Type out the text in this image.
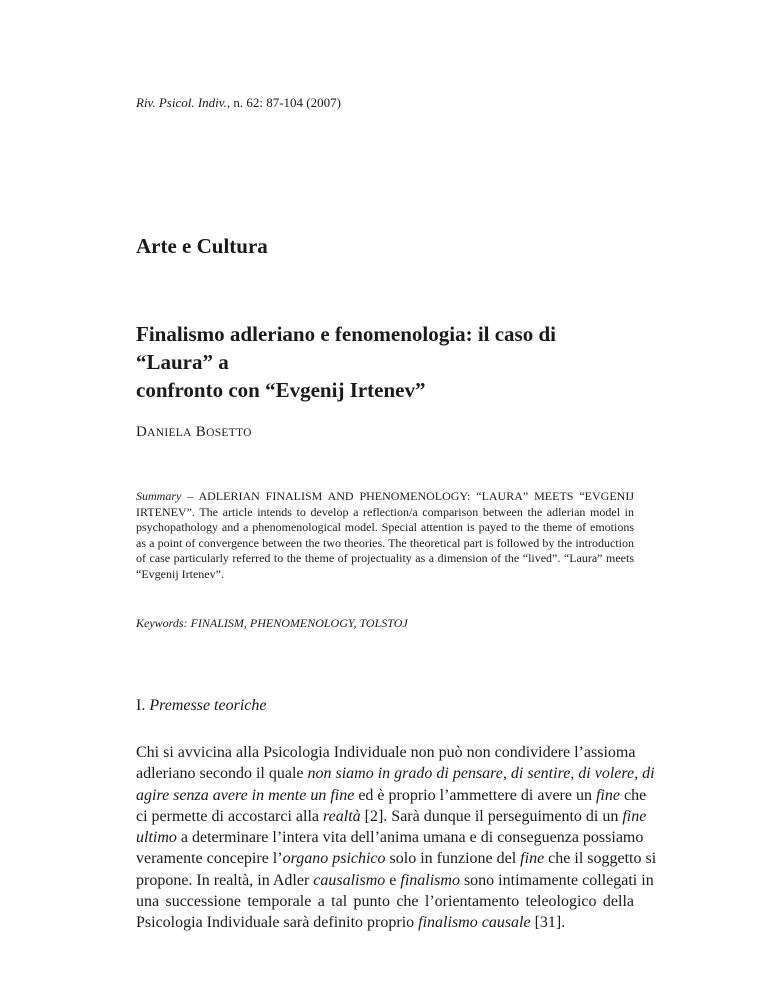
Riv. Psicol. Indiv., n. 62: 87-104 (2007)
Arte e Cultura
Finalismo adleriano e fenomenologia: il caso di “Laura” a
confronto con “Evgenij Irtenev”
DANIELA BOSETTO
Summary – ADLERIAN FINALISM AND PHENOMENOLOGY: “LAURA” MEETS “EVGENIJ IRTENEV”. The article intends to develop a reflection/a comparison between the adlerian model in psychopathology and a phenomenological model. Special attention is payed to the theme of emotions as a point of convergence between the two theories. The theoretical part is followed by the introduction of case particularly referred to the theme of projectuality as a dimension of the “lived”. “Laura” meets “Evgenij Irtenev”.
Keywords: FINALISM, PHENOMENOLOGY, TOLSTOJ
I. Premesse teoriche
Chi si avvicina alla Psicologia Individuale non può non condividere l’assioma
adleriano secondo il quale non siamo in grado di pensare, di sentire, di volere, di
agire senza avere in mente un fine ed è proprio l’ammettere di avere un fine che
ci permette di accostarci alla realtà [2]. Sarà dunque il perseguimento di un fine
ultimo a determinare l’intera vita dell’anima umana e di conseguenza possiamo
veramente concepire l’organo psichico solo in funzione del fine che il soggetto si
propone. In realtà, in Adler causalismo e finalismo sono intimamente collegati in
una successione temporale a tal punto che l’orientamento teleologico della
Psicologia Individuale sarà definito proprio finalismo causale [31].
